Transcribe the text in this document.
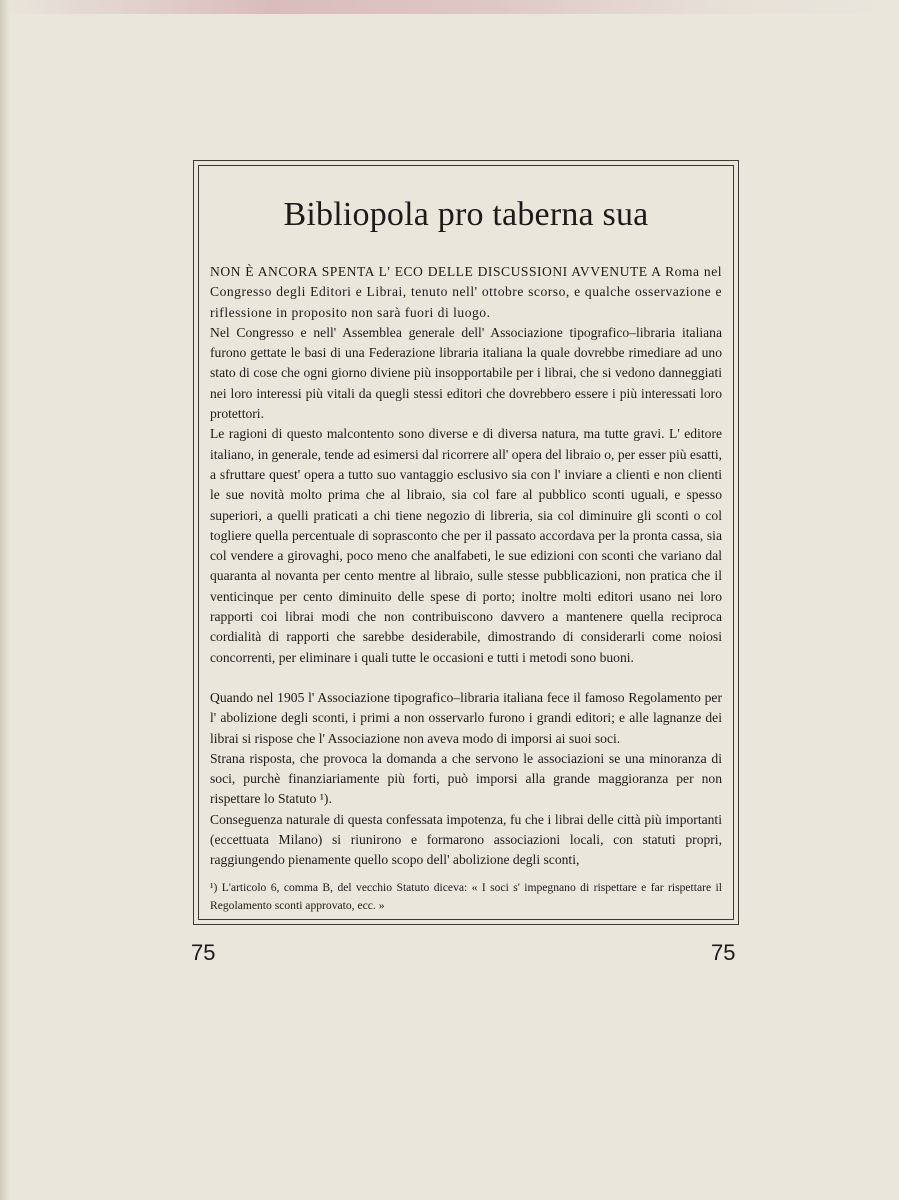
Bibliopola pro taberna sua

NON È ANCORA SPENTA L' ECO DELLE DISCUSSIONI AVVENUTE A Roma nel Congresso degli Editori e Librai, tenuto nell' ottobre scorso, e qualche osservazione e riflessione in proposito non sarà fuori di luogo.

Nel Congresso e nell' Assemblea generale dell' Associazione tipografico–libraria italiana furono gettate le basi di una Federazione libraria italiana la quale dovrebbe rimediare ad uno stato di cose che ogni giorno diviene più insopportabile per i librai, che si vedono danneggiati nei loro interessi più vitali da quegli stessi editori che dovrebbero essere i più interessati loro protettori.

Le ragioni di questo malcontento sono diverse e di diversa natura, ma tutte gravi. L' editore italiano, in generale, tende ad esimersi dal ricorrere all' opera del libraio o, per esser più esatti, a sfruttare quest' opera a tutto suo vantaggio esclusivo sia con l' inviare a clienti e non clienti le sue novità molto prima che al libraio, sia col fare al pubblico sconti uguali, e spesso superiori, a quelli praticati a chi tiene negozio di libreria, sia col diminuire gli sconti o col togliere quella percentuale di soprasconto che per il passato accordava per la pronta cassa, sia col vendere a girovaghi, poco meno che analfabeti, le sue edizioni con sconti che variano dal quaranta al novanta per cento mentre al libraio, sulle stesse pubblicazioni, non pratica che il venticinque per cento diminuito delle spese di porto; inoltre molti editori usano nei loro rapporti coi librai modi che non contribuiscono davvero a mantenere quella reciproca cordialità di rapporti che sarebbe desiderabile, dimostrando di considerarli come noiosi concorrenti, per eliminare i quali tutte le occasioni e tutti i metodi sono buoni.

Quando nel 1905 l' Associazione tipografico–libraria italiana fece il famoso Regolamento per l' abolizione degli sconti, i primi a non osservarlo furono i grandi editori; e alle lagnanze dei librai si rispose che l' Associazione non aveva modo di imporsi ai suoi soci.

Strana risposta, che provoca la domanda a che servono le associazioni se una minoranza di soci, purchè finanziariamente più forti, può imporsi alla grande maggioranza per non rispettare lo Statuto ¹).

Conseguenza naturale di questa confessata impotenza, fu che i librai delle città più importanti (eccettuata Milano) si riunirono e formarono associazioni locali, con statuti propri, raggiungendo pienamente quello scopo dell' abolizione degli sconti,

¹) L'articolo 6, comma B, del vecchio Statuto diceva: « I soci s' impegnano di rispettare e far rispettare il Regolamento sconti approvato, ecc. »
75	75
